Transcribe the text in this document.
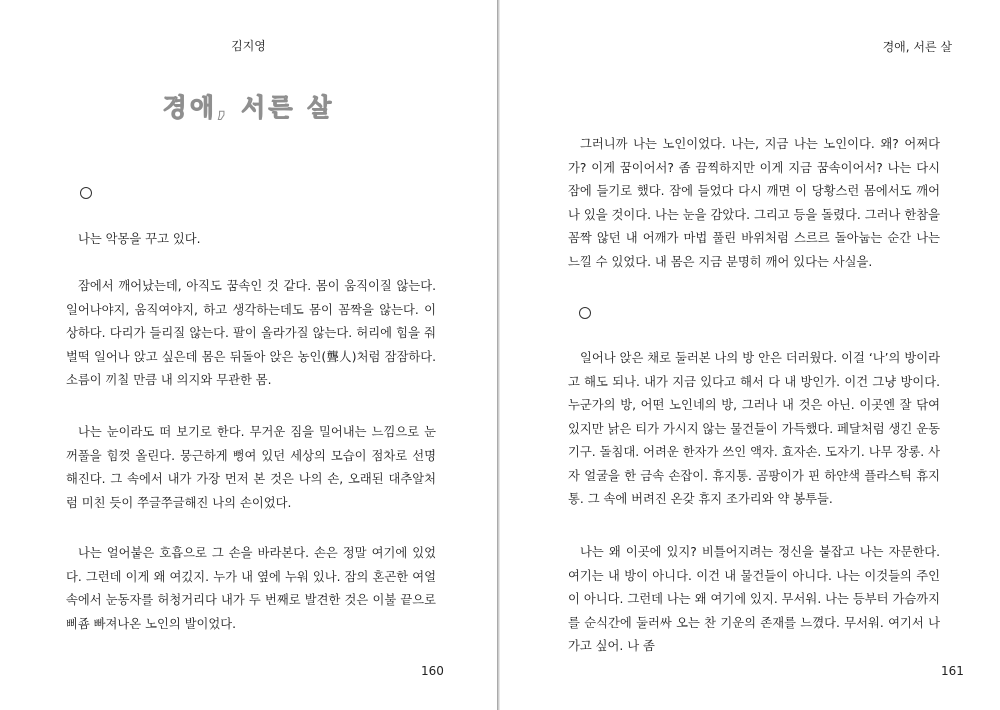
김지영
경애, 서른 살

나는 악몽을 꾸고 있다.

잠에서 깨어났는데, 아직도 꿈속인 것 같다. 몸이 움직이질 않는다. 일어나야지, 움직여야지, 하고 생각하는데도 몸이 꼼짝을 않는다. 이상하다. 다리가 들리질 않는다. 팔이 올라가질 않는다. 허리에 힘을 줘 벌떡 일어나 앉고 싶은데 몸은 뒤돌아 앉은 농인(聾人)처럼 잠잠하다. 소름이 끼칠 만큼 내 의지와 무관한 몸.

나는 눈이라도 떠 보기로 한다. 무거운 짐을 밀어내는 느낌으로 눈꺼풀을 힘껏 올린다. 뭉근하게 뻥여 있던 세상의 모습이 점차로 선명해진다. 그 속에서 내가 가장 먼저 본 것은 나의 손, 오래된 대추알처럼 미친 듯이 쭈글쭈글해진 나의 손이었다.

나는 얼어붙은 호흡으로 그 손을 바라본다. 손은 정말 여기에 있었다. 그런데 이게 왜 여깄지. 누가 내 옆에 누워 있나. 잠의 혼곤한 여얼 속에서 눈동자를 허청거리다 내가 두 번째로 발견한 것은 이불 끝으로 삐죰 빠져나온 노인의 발이었다.

160
경애, 서른 살

그러니까 나는 노인이었다. 나는, 지금 나는 노인이다. 왜? 어쩌다가? 이게 꿈이어서? 좀 끔찍하지만 이게 지금 꿈속이어서? 나는 다시 잠에 들기로 했다. 잠에 들었다 다시 깨면 이 당황스런 몸에서도 깨어나 있을 것이다. 나는 눈을 감았다. 그리고 등을 돌렸다. 그러나 한참을 꼼짝 않던 내 어깨가 마법 풀린 바위처럼 스르르 돌아눕는 순간 나는 느낄 수 있었다. 내 몸은 지금 분명히 깨어 있다는 사실을.

일어나 앉은 채로 둘러본 나의 방 안은 더러웠다. 이걸 ‘나’의 방이라고 해도 되나. 내가 지금 있다고 해서 다 내 방인가. 이건 그냥 방이다. 누군가의 방, 어떤 노인네의 방, 그러나 내 것은 아닌. 이곳엔 잘 닦여 있지만 낡은 티가 가시지 않는 물건들이 가득했다. 페달처럼 생긴 운동기구. 돌침대. 어려운 한자가 쓰인 액자. 효자손. 도자기. 나무 장롱. 사자 얼굴을 한 금속 손잡이. 휴지통. 곰팡이가 핀 하얀색 플라스틱 휴지통. 그 속에 버려진 온갖 휴지 조가리와 약 봉투들.

나는 왜 이곳에 있지? 비틀어지려는 정신을 붙잡고 나는 자문한다. 여기는 내 방이 아니다. 이건 내 물건들이 아니다. 나는 이것들의 주인이 아니다. 그런데 나는 왜 여기에 있지. 무서워. 나는 등부터 가슴까지를 순식간에 둘러싸 오는 찬 기운의 존재를 느꼈다. 무서워. 여기서 나가고 싶어. 나 좀

161
